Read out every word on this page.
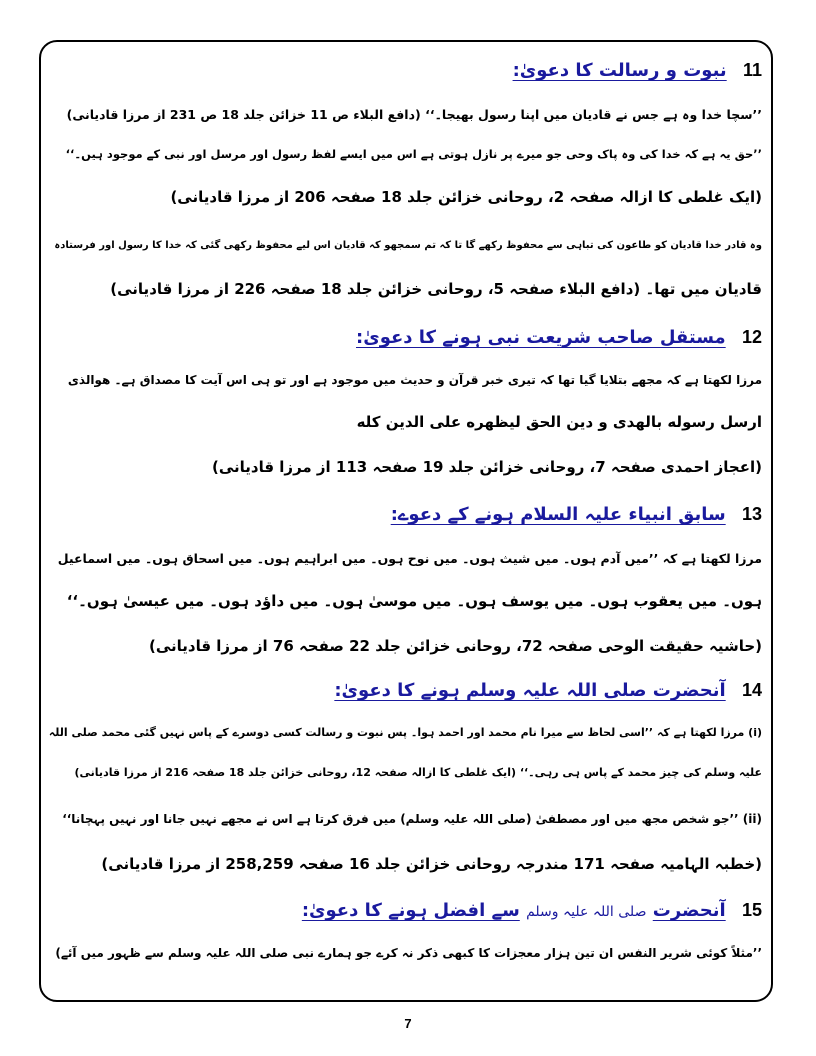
11 نبوت و رسالت کا دعویٰ:
’’سچا خدا وہ ہے جس نے قادیان میں اپنا رسول بھیجا۔‘‘ (دافع البلاء ص 11 خزائن جلد 18 ص 231 از مرزا قادیانی)
’’حق یہ ہے کہ خدا کی وہ پاک وحی جو میرے پر نازل ہوتی ہے اس میں ایسے لفظ رسول اور مرسل اور نبی کے موجود ہیں۔‘‘
(ایک غلطی کا ازالہ صفحہ 2، روحانی خزائن جلد 18 صفحہ 206 از مرزا قادیانی)
وہ قادر خدا قادیان کو طاعون کی تباہی سے محفوظ رکھے گا تا کہ تم سمجھو کہ قادیان اس لیے محفوظ رکھی گئی کہ خدا کا رسول اور فرستادہ
قادیان میں تھا۔ (دافع البلاء صفحہ 5، روحانی خزائن جلد 18 صفحہ 226 از مرزا قادیانی)
12 مستقل صاحب شریعت نبی ہونے کا دعویٰ:
مرزا لکھتا ہے کہ مجھے بتلایا گیا تھا کہ تیری خبر قرآن و حدیث میں موجود ہے اور تو ہی اس آیت کا مصداق ہے۔ ھوالذی
ارسل رسوله بالهدی و دین الحق لیظهره علی الدین کله
(اعجاز احمدی صفحہ 7، روحانی خزائن جلد 19 صفحہ 113 از مرزا قادیانی)
13 سابق انبیاء علیہ السلام ہونے کے دعوے:
مرزا لکھتا ہے کہ ’’میں آدم ہوں۔ میں شیث ہوں۔ میں نوح ہوں۔ میں ابراہیم ہوں۔ میں اسحاق ہوں۔ میں اسماعیل
ہوں۔ میں یعقوب ہوں۔ میں یوسف ہوں۔ میں موسیٰ ہوں۔ میں داؤد ہوں۔ میں عیسیٰ ہوں۔‘‘
(حاشیہ حقیقت الوحی صفحہ 72، روحانی خزائن جلد 22 صفحہ 76 از مرزا قادیانی)
14 آنحضرت صلی اللہ علیہ وسلم ہونے کا دعویٰ:
(i) مرزا لکھتا ہے کہ ’’اسی لحاظ سے میرا نام محمد اور احمد ہوا۔ پس نبوت و رسالت کسی دوسرے کے پاس نہیں گئی محمد صلی اللہ
علیہ وسلم کی چیز محمد کے پاس ہی رہی۔‘‘ (ایک غلطی کا ازالہ صفحہ 12، روحانی خزائن جلد 18 صفحہ 216 از مرزا قادیانی)
(ii) ’’جو شخص مجھ میں اور مصطفیٰ (صلی اللہ علیہ وسلم) میں فرق کرتا ہے اس نے مجھے نہیں جانا اور نہیں پہچانا‘‘
(خطبہ الہامیہ صفحہ 171 مندرجہ روحانی خزائن جلد 16 صفحہ 258,259 از مرزا قادیانی)
15 آنحضرت صلی اللہ علیہ وسلم سے افضل ہونے کا دعویٰ:
’’مثلاً کوئی شریر النفس ان تین ہزار معجزات کا کبھی ذکر نہ کرے جو ہمارے نبی صلی اللہ علیہ وسلم سے ظہور میں آئے)
7
